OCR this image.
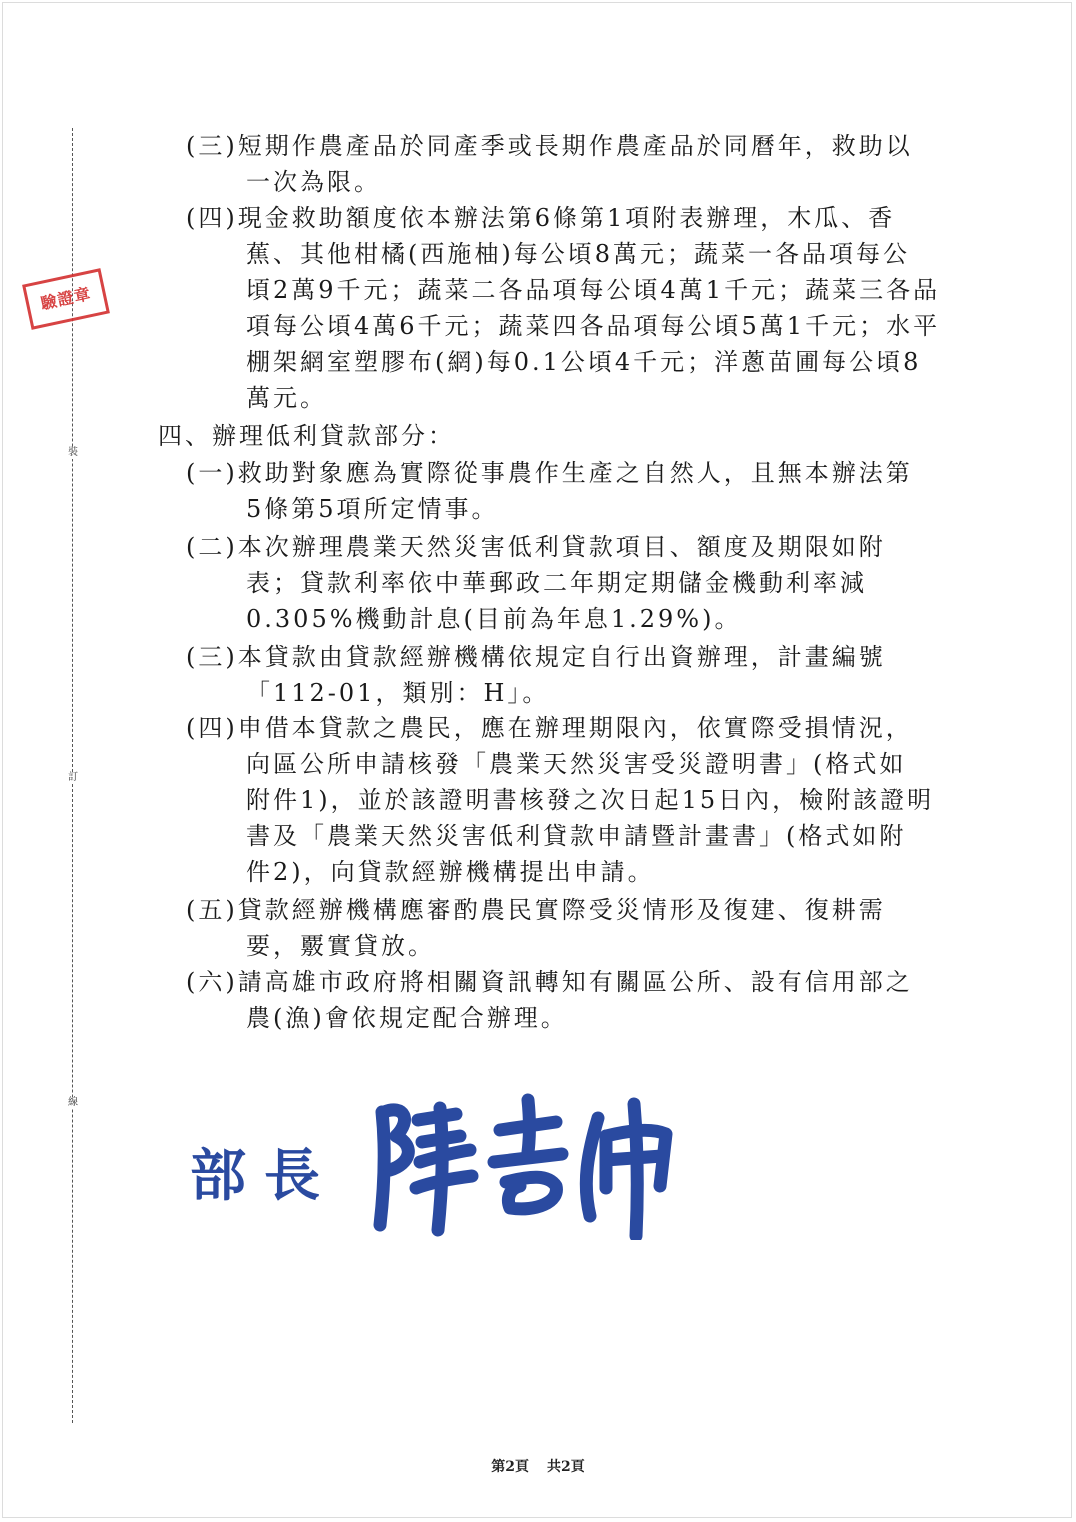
裝
訂
線
驗證章
(三)短期作農產品於同產季或長期作農產品於同曆年，救助以
一次為限。
(四)現金救助額度依本辦法第6條第1項附表辦理，木瓜、香
蕉、其他柑橘(西施柚)每公頃8萬元；蔬菜一各品項每公
頃2萬9千元；蔬菜二各品項每公頃4萬1千元；蔬菜三各品
項每公頃4萬6千元；蔬菜四各品項每公頃5萬1千元；水平
棚架網室塑膠布(網)每0.1公頃4千元；洋蔥苗圃每公頃8
萬元。
四、辦理低利貸款部分：
(一)救助對象應為實際從事農作生產之自然人，且無本辦法第
5條第5項所定情事。
(二)本次辦理農業天然災害低利貸款項目、額度及期限如附
表；貸款利率依中華郵政二年期定期儲金機動利率減
0.305%機動計息(目前為年息1.29%)。
(三)本貸款由貸款經辦機構依規定自行出資辦理，計畫編號
「112-01，類別：H」。
(四)申借本貸款之農民，應在辦理期限內，依實際受損情況，
向區公所申請核發「農業天然災害受災證明書」(格式如
附件1)，並於該證明書核發之次日起15日內，檢附該證明
書及「農業天然災害低利貸款申請暨計畫書」(格式如附
件2)，向貸款經辦機構提出申請。
(五)貸款經辦機構應審酌農民實際受災情形及復建、復耕需
要，覈實貸放。
(六)請高雄市政府將相關資訊轉知有關區公所、設有信用部之
農(漁)會依規定配合辦理。
部長
第2頁 共2頁
